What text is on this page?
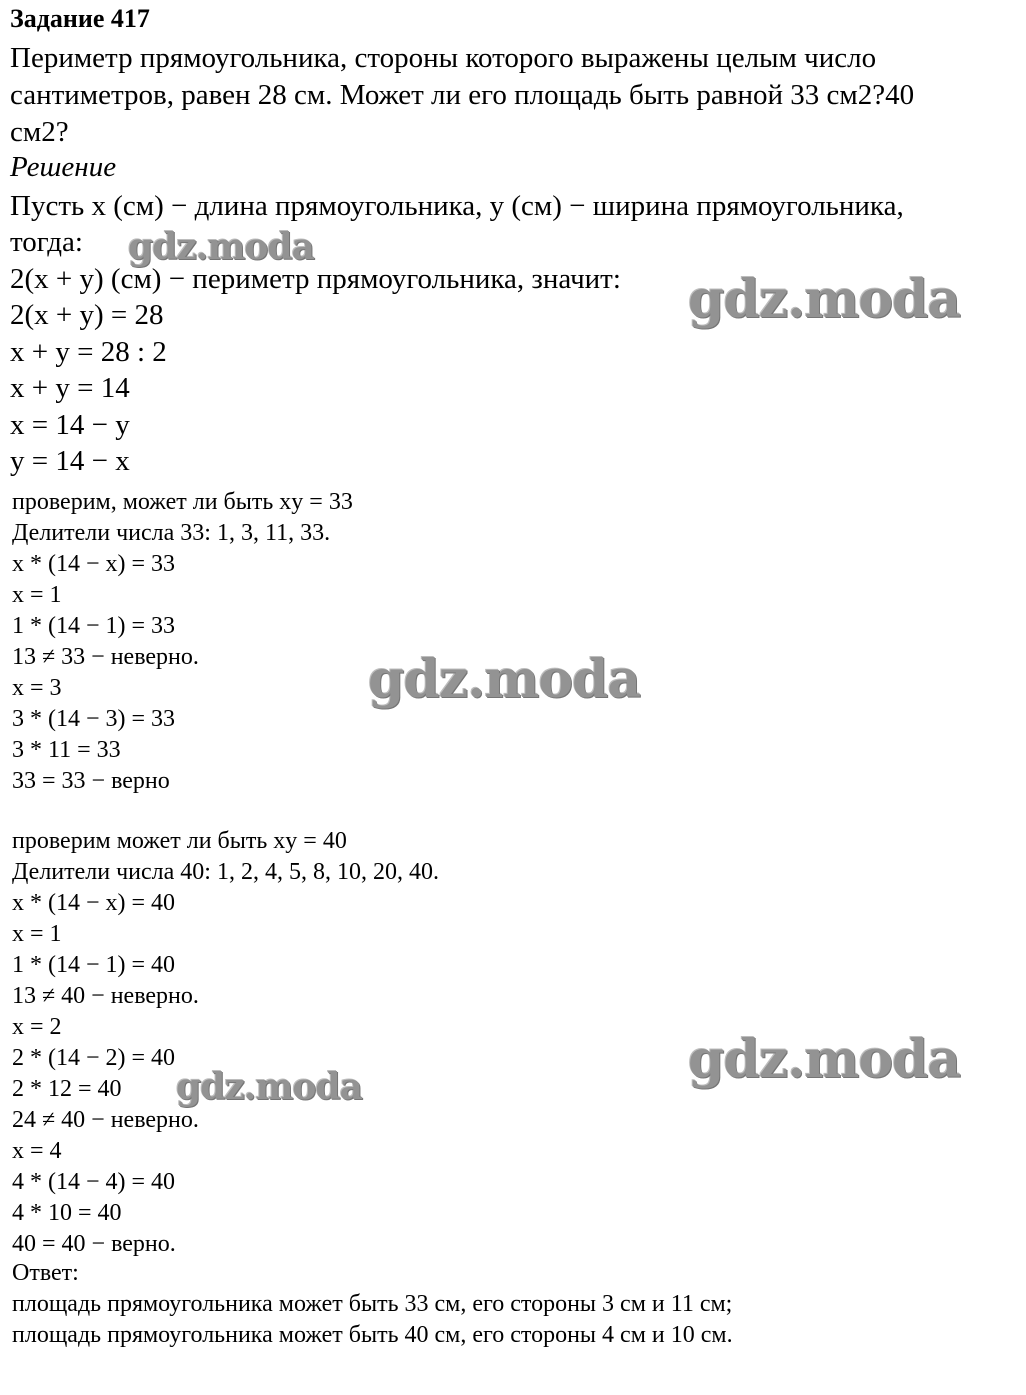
Задание 417
Периметр прямоугольника, стороны которого выражены целым число
сантиметров, равен 28 см. Может ли его площадь быть равной 33 см2?40
см2?
Решение
Пусть x (см) − длина прямоугольника, y (см) − ширина прямоугольника,
тогда:
2(x + y) (см) − периметр прямоугольника, значит:
2(x + y) = 28
x + y = 28 : 2
x + y = 14
x = 14 − y
y = 14 − x
проверим, может ли быть xy = 33
Делители числа 33: 1, 3, 11, 33.
x * (14 − x) = 33
x = 1
1 * (14 − 1) = 33
13 ≠ 33 − неверно.
x = 3
3 * (14 − 3) = 33
3 * 11 = 33
33 = 33 − верно
проверим может ли быть xy = 40
Делители числа 40: 1, 2, 4, 5, 8, 10, 20, 40.
x * (14 − x) = 40
x = 1
1 * (14 − 1) = 40
13 ≠ 40 − неверно.
x = 2
2 * (14 − 2) = 40
2 * 12 = 40
24 ≠ 40 − неверно.
x = 4
4 * (14 − 4) = 40
4 * 10 = 40
40 = 40 − верно.
Ответ:
площадь прямоугольника может быть 33 см, его стороны 3 см и 11 см;
площадь прямоугольника может быть 40 см, его стороны 4 см и 10 см.
gdz.moda
gdz.moda
gdz.moda
gdz.moda
gdz.moda
